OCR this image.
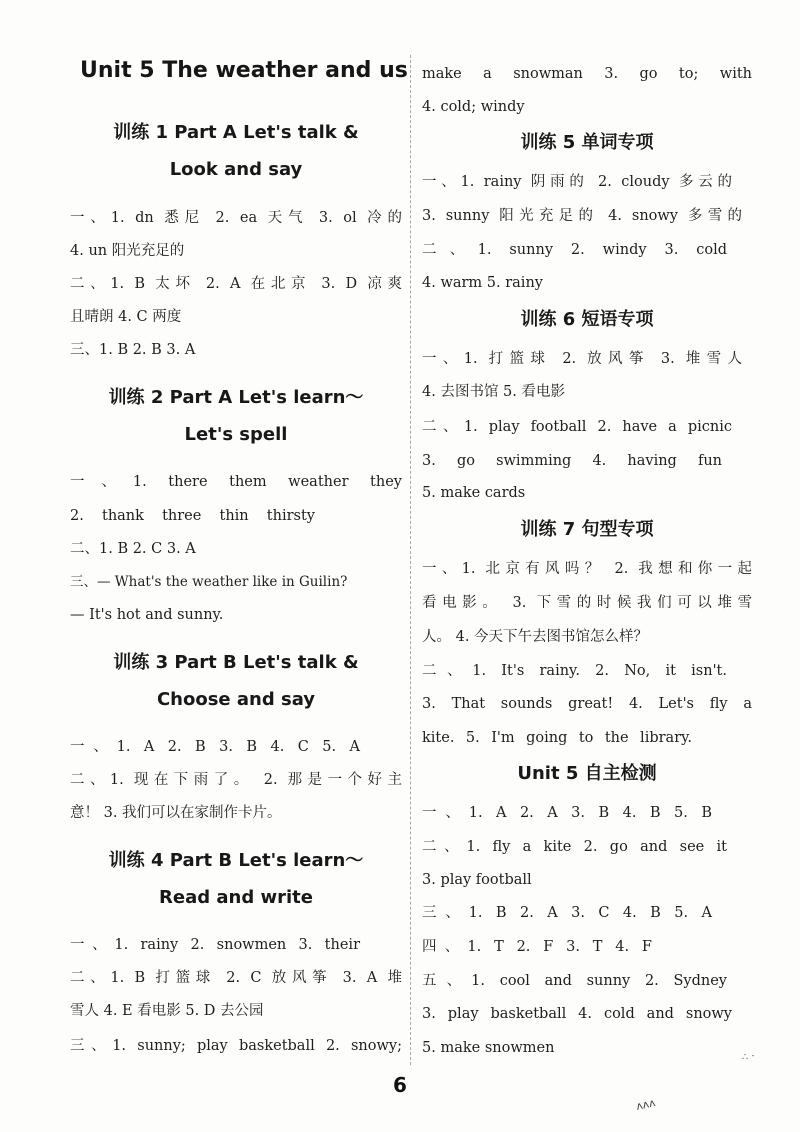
Unit 5 The weather and us
训练 1 Part A Let's talk &
Look and say

一、1. dn 悉尼 2. ea 天气 3. ol 冷的

4. un 阳光充足的

二、1. B 太坏 2. A 在北京 3. D 凉爽

且晴朗 4. C 两度

三、1. B 2. B 3. A

训练 2 Part A Let's learn～
Let's spell

一、1. there them weather they

2. thank three thin thirsty

二、1. B 2. C 3. A

三、— What's the weather like in Guilin?

— It's hot and sunny.

训练 3 Part B Let's talk &
Choose and say

一、1. A 2. B 3. B 4. C 5. A

二、1. 现在下雨了。 2. 那是一个好主

意！ 3. 我们可以在家制作卡片。

训练 4 Part B Let's learn～
Read and write

一、1. rainy 2. snowmen 3. their

二、1. B 打篮球 2. C 放风筝 3. A 堆

雪人 4. E 看电影 5. D 去公园

三、1. sunny; play basketball 2. snowy;

make a snowman 3. go to; with

4. cold; windy

训练 5 单词专项

一、1. rainy 阴雨的 2. cloudy 多云的

3. sunny 阳光充足的 4. snowy 多雪的

二、1. sunny 2. windy 3. cold

4. warm 5. rainy

训练 6 短语专项

一、1. 打篮球 2. 放风筝 3. 堆雪人

4. 去图书馆 5. 看电影

二、1. play football 2. have a picnic

3. go swimming 4. having fun

5. make cards

训练 7 句型专项

一、1. 北京有风吗？ 2. 我想和你一起

看电影。 3. 下雪的时候我们可以堆雪

人。 4. 今天下午去图书馆怎么样？

二、1. It's rainy. 2. No, it isn't.

3. That sounds great! 4. Let's fly a

kite. 5. I'm going to the library.

Unit 5 自主检测

一、1. A 2. A 3. B 4. B 5. B

二、1. fly a kite 2. go and see it

3. play football

三、1. B 2. A 3. C 4. B 5. A

四、1. T 2. F 3. T 4. F

五、1. cool and sunny 2. Sydney

3. play basketball 4. cold and snowy

5. make snowmen

6
∴ ˑ
ʌʌʌ
